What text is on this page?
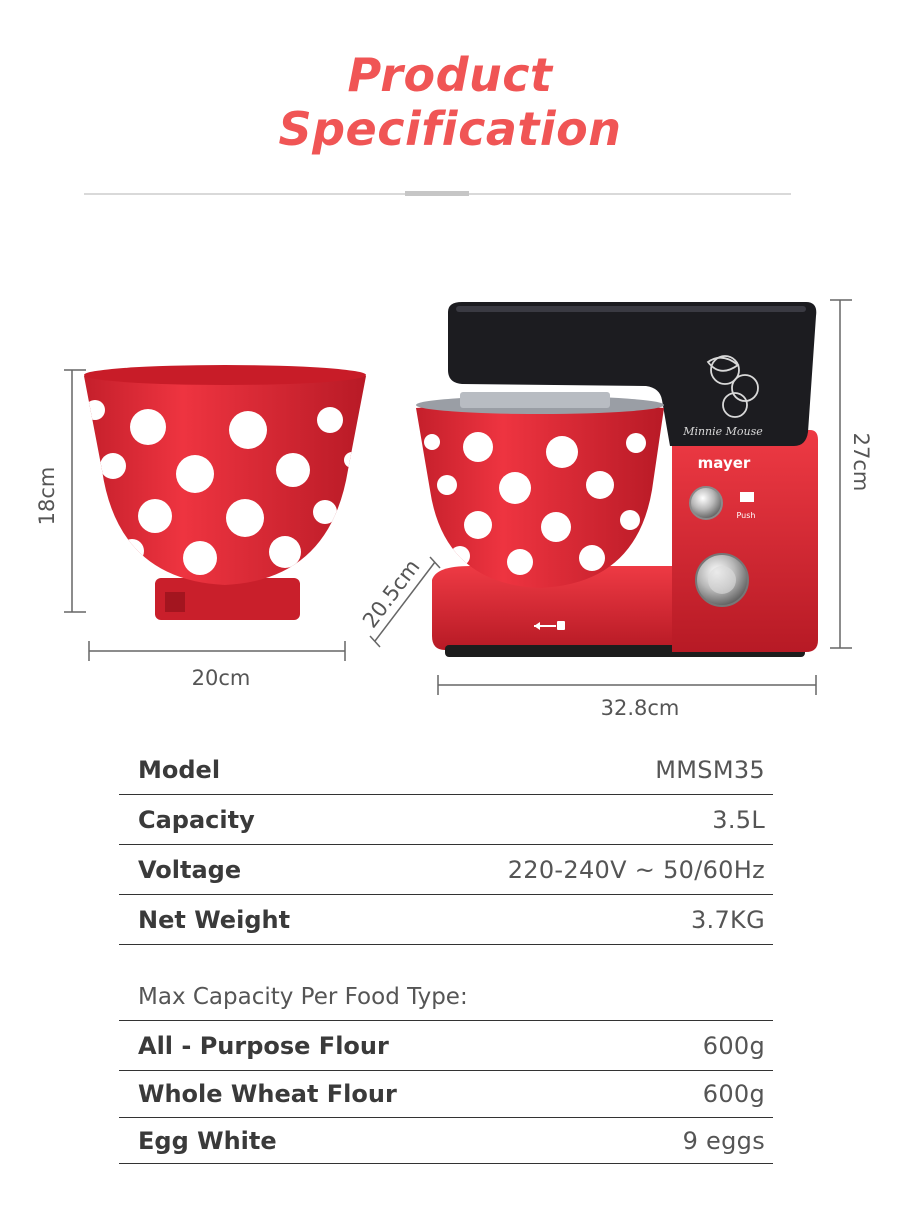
Product
Specification
Minnie Mouse
mayer
Push
18cm
20cm
20.5cm
32.8cm
27cm
Model	MMSM35
Capacity	3.5L
Voltage	220-240V ~ 50/60Hz
Net Weight	3.7KG
Max Capacity Per Food Type:
All - Purpose Flour	600g
Whole Wheat Flour	600g
Egg White	9 eggs
